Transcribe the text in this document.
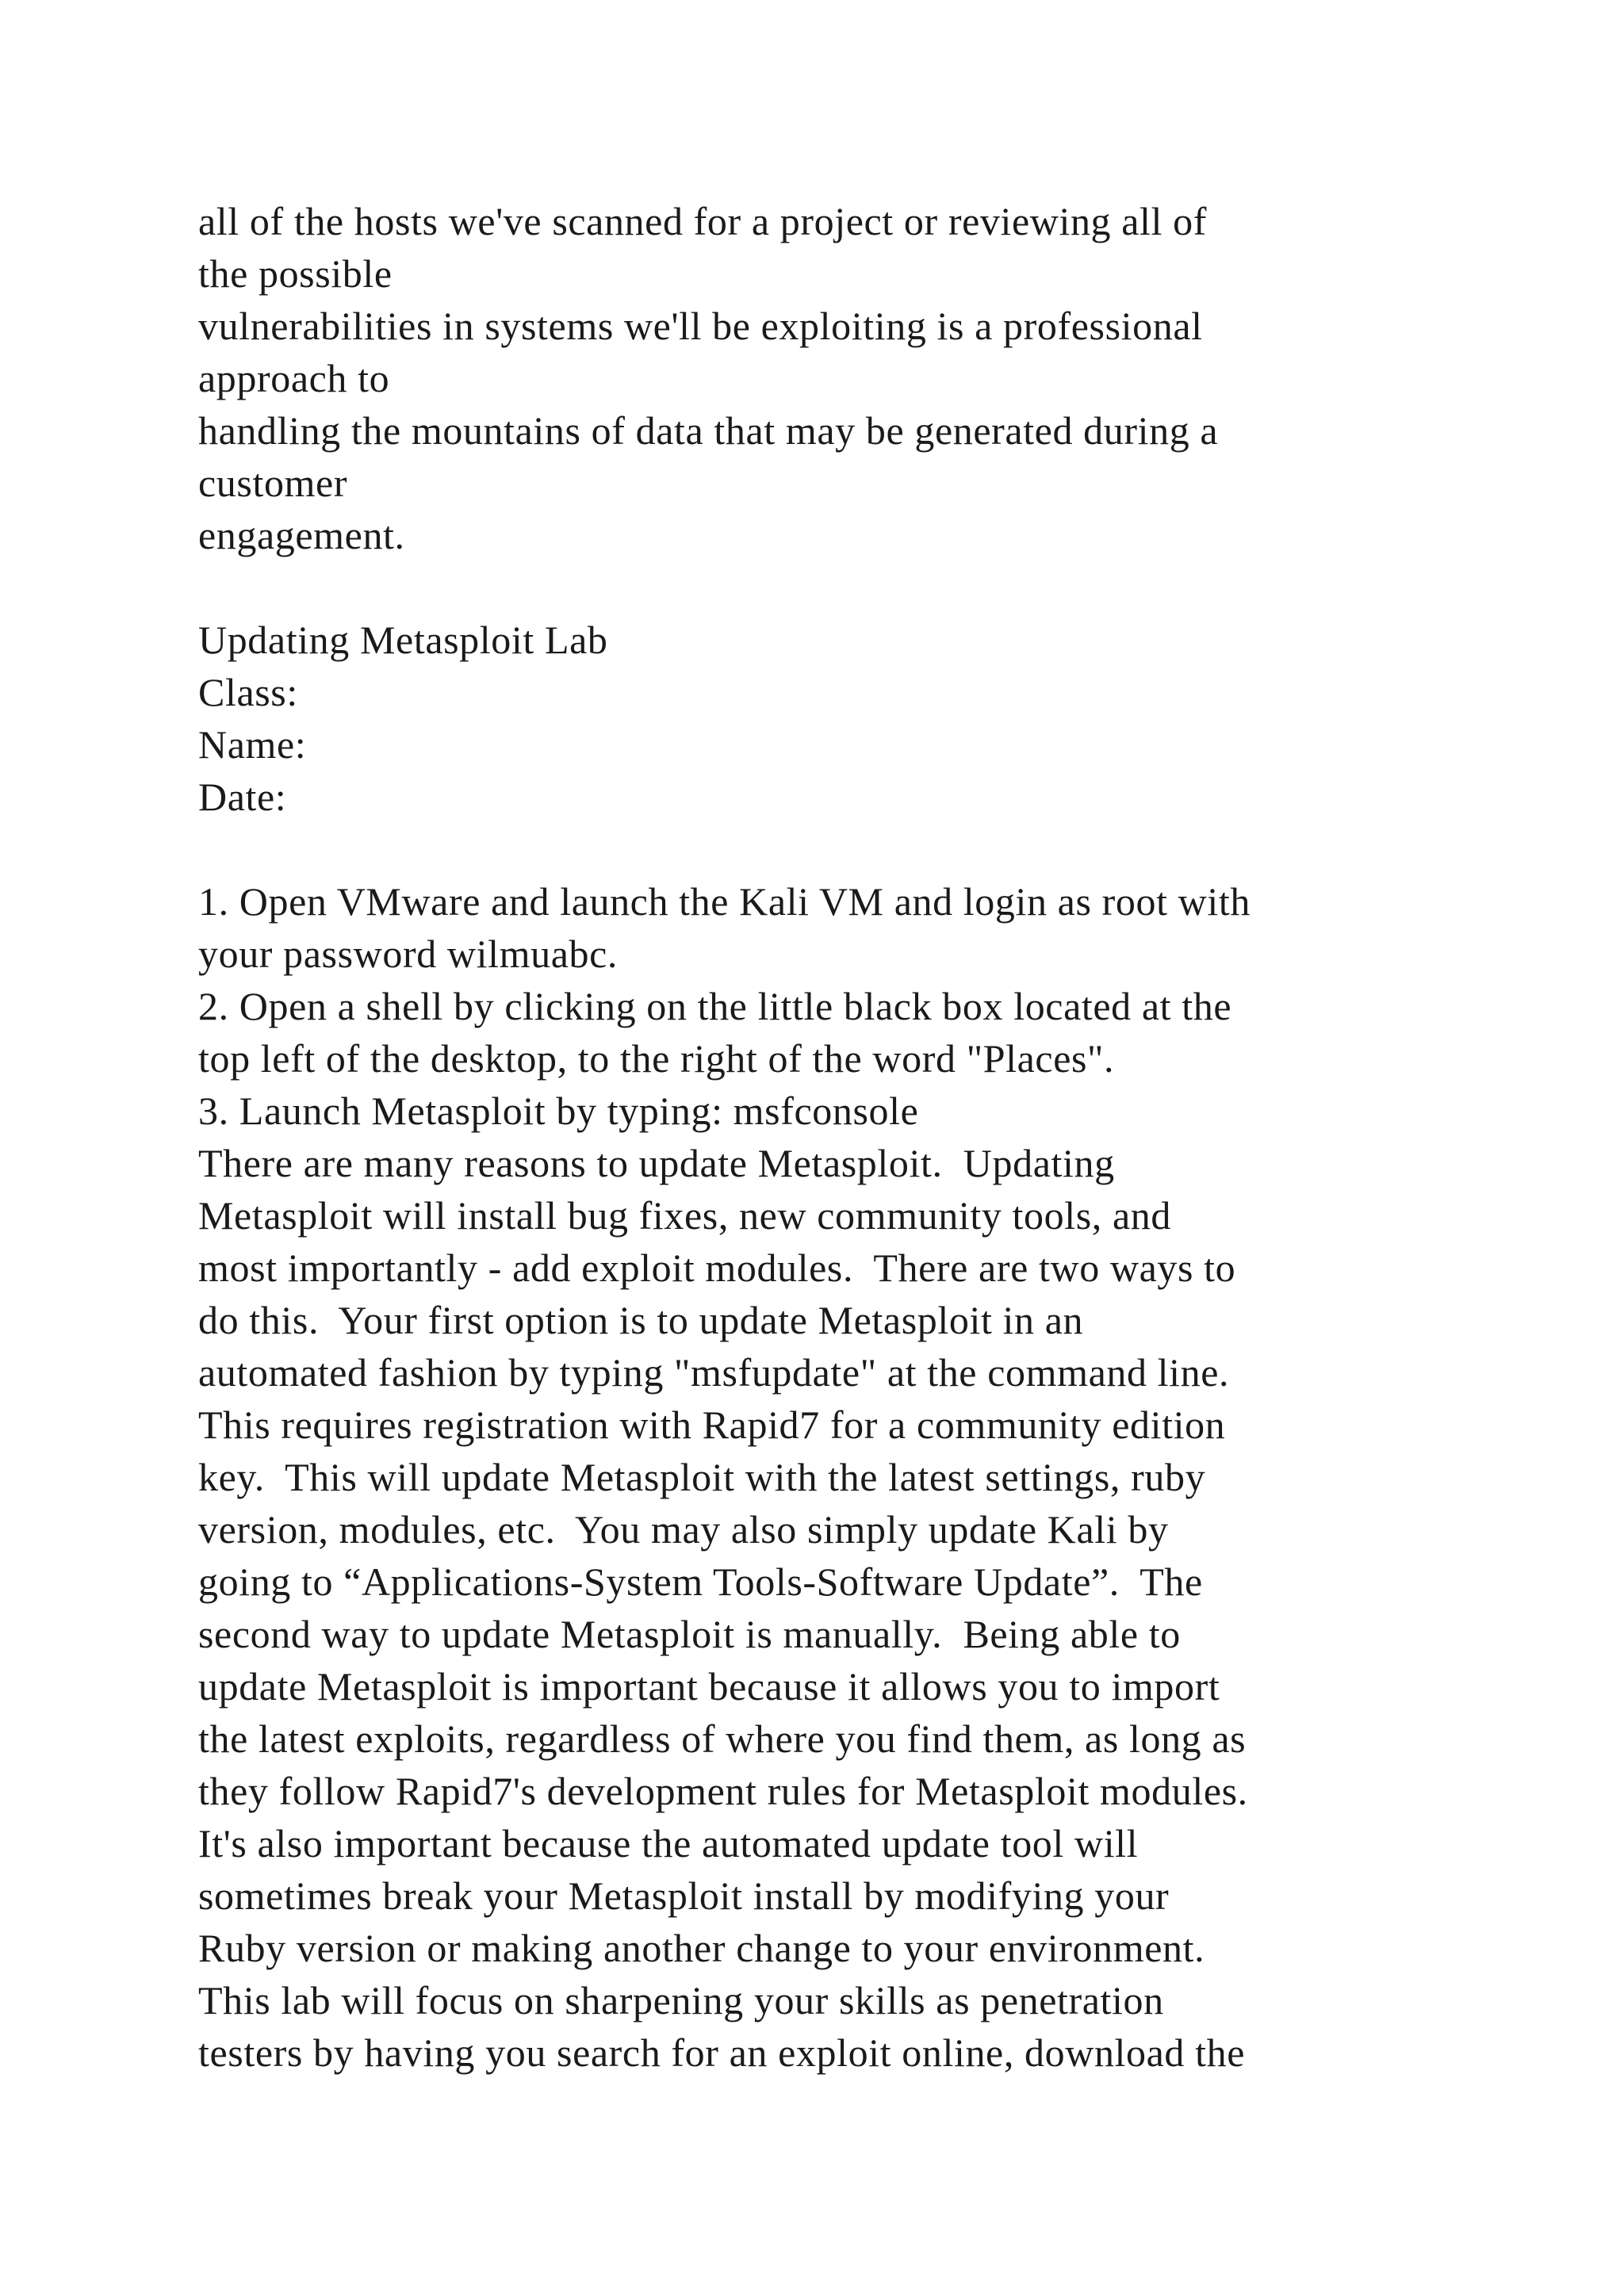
all of the hosts we've scanned for a project or reviewing all of
the possible
vulnerabilities in systems we'll be exploiting is a professional
approach to
handling the mountains of data that may be generated during a
customer
engagement.
Updating Metasploit Lab
Class:
Name:
Date:
1. Open VMware and launch the Kali VM and login as root with
your password wilmuabc.
2. Open a shell by clicking on the little black box located at the
top left of the desktop, to the right of the word "Places".
3. Launch Metasploit by typing: msfconsole
There are many reasons to update Metasploit.  Updating
Metasploit will install bug fixes, new community tools, and
most importantly - add exploit modules.  There are two ways to
do this.  Your first option is to update Metasploit in an
automated fashion by typing "msfupdate" at the command line.
This requires registration with Rapid7 for a community edition
key.  This will update Metasploit with the latest settings, ruby
version, modules, etc.  You may also simply update Kali by
going to “Applications-System Tools-Software Update”.  The
second way to update Metasploit is manually.  Being able to
update Metasploit is important because it allows you to import
the latest exploits, regardless of where you find them, as long as
they follow Rapid7's development rules for Metasploit modules.
It's also important because the automated update tool will
sometimes break your Metasploit install by modifying your
Ruby version or making another change to your environment.
This lab will focus on sharpening your skills as penetration
testers by having you search for an exploit online, download the
